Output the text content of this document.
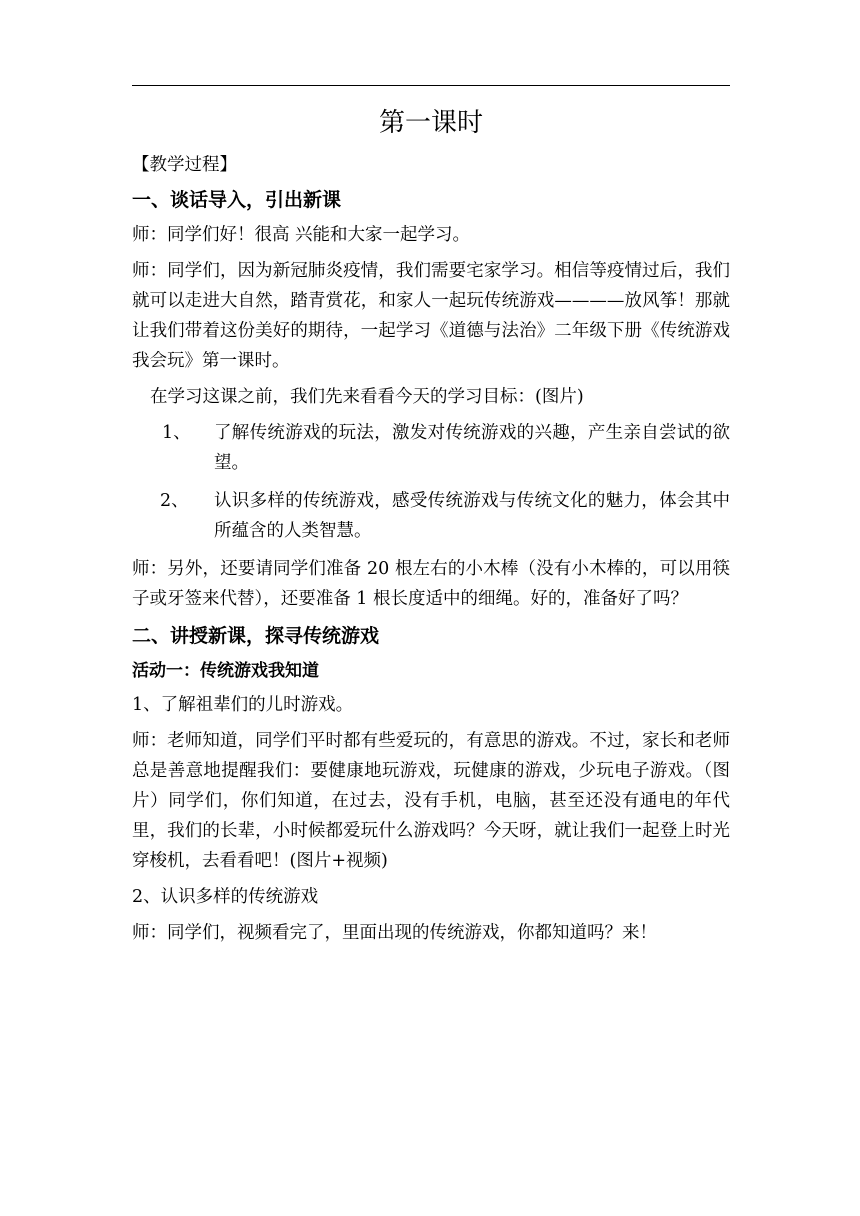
第一课时

【教学过程】

一、谈话导入，引出新课

师：同学们好！很高 兴能和大家一起学习。

师：同学们，因为新冠肺炎疫情，我们需要宅家学习。相信等疫情过后，我们就可以走进大自然，踏青赏花，和家人一起玩传统游戏————放风筝！那就让我们带着这份美好的期待，一起学习《道德与法治》二年级下册《传统游戏我会玩》第一课时。

在学习这课之前，我们先来看看今天的学习目标：(图片)

1、	了解传统游戏的玩法，激发对传统游戏的兴趣，产生亲自尝试的欲望。
2、	认识多样的传统游戏，感受传统游戏与传统文化的魅力，体会其中所蕴含的人类智慧。

师：另外，还要请同学们准备 20 根左右的小木棒（没有小木棒的，可以用筷子或牙签来代替），还要准备 1 根长度适中的细绳。好的，准备好了吗？

二、讲授新课，探寻传统游戏

活动一：传统游戏我知道

1、了解祖辈们的儿时游戏。

师：老师知道，同学们平时都有些爱玩的，有意思的游戏。不过，家长和老师总是善意地提醒我们：要健康地玩游戏，玩健康的游戏，少玩电子游戏。（图片）同学们，你们知道，在过去，没有手机，电脑，甚至还没有通电的年代里，我们的长辈，小时候都爱玩什么游戏吗？今天呀，就让我们一起登上时光穿梭机，去看看吧！(图片+视频)

2、认识多样的传统游戏

师：同学们，视频看完了，里面出现的传统游戏，你都知道吗？来！
